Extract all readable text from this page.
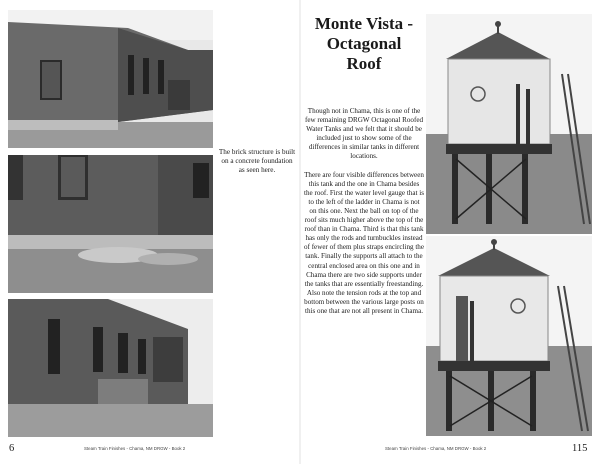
The brick structure is built on a concrete foundation as seen here.
6	Steam Train Finishes - Chama, NM DRGW - Book 2
Monte Vista -
Octagonal
Roof

Though not in Chama, this is one of the few remaining DRGW Octagonal Roofed Water Tanks and we felt that it should be included just to show some of the differences in similar tanks in different locations.

There are four visible differences between this tank and the one in Chama besides the roof. First the water level gauge that is to the left of the ladder in Chama is not on this one. Next the ball on top of the roof sits much higher above the top of the roof than in Chama. Third is that this tank has only the rods and turnbuckles instead of fewer of them plus straps encircling the tank. Finally the supports all attach to the central enclosed area on this one and in Chama there are two side supports under the tanks that are essentially freestanding. Also note the tension rods at the top and bottom between the various large posts on this one that are not all present in Chama.

115
Steam Train Finishes - Chama, NM DRGW - Book 2
